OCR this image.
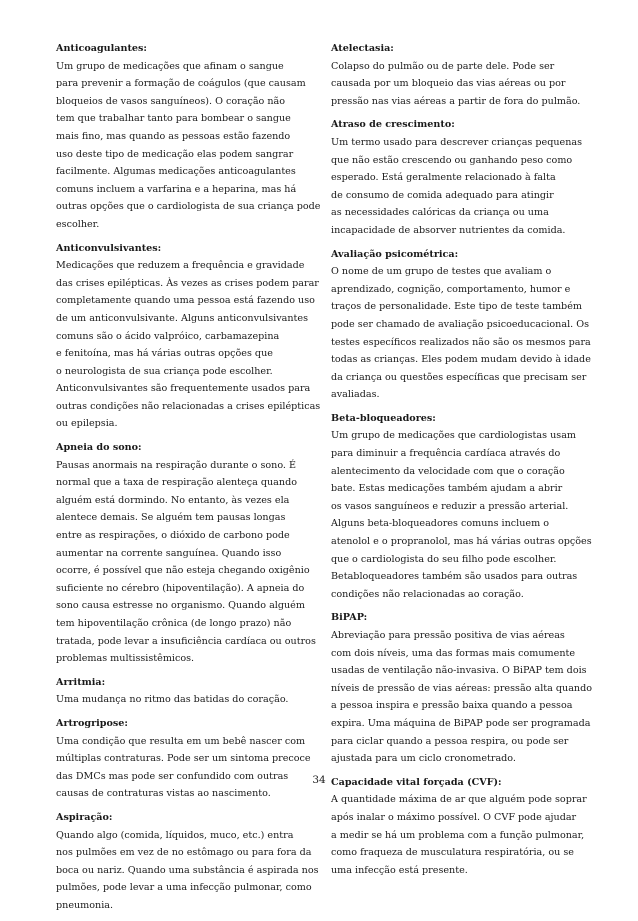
Anticoagulantes:
Um grupo de medicações que afinam o sangue
para prevenir a formação de coágulos (que causam
bloqueios de vasos sanguíneos). O coração não
tem que trabalhar tanto para bombear o sangue
mais fino, mas quando as pessoas estão fazendo
uso deste tipo de medicação elas podem sangrar
facilmente. Algumas medicações anticoagulantes
comuns incluem a varfarina e a heparina, mas há
outras opções que o cardiologista de sua criança pode
escolher.
Anticonvulsivantes:
Medicações que reduzem a frequência e gravidade
das crises epilépticas. Às vezes as crises podem parar
completamente quando uma pessoa está fazendo uso
de um anticonvulsivante. Alguns anticonvulsivantes
comuns são o ácido valpróico, carbamazepina
e fenitoína, mas há várias outras opções que
o neurologista de sua criança pode escolher.
Anticonvulsivantes são frequentemente usados para
outras condições não relacionadas a crises epilépticas
ou epilepsia.
Apneia do sono:
Pausas anormais na respiração durante o sono. É
normal que a taxa de respiração alenteça quando
alguém está dormindo. No entanto, às vezes ela
alentece demais. Se alguém tem pausas longas
entre as respirações, o dióxido de carbono pode
aumentar na corrente sanguínea. Quando isso
ocorre, é possível que não esteja chegando oxigênio
suficiente no cérebro (hipoventilação). A apneia do
sono causa estresse no organismo. Quando alguém
tem hipoventilação crônica (de longo prazo) não
tratada, pode levar a insuficiência cardíaca ou outros
problemas multissistêmicos.
Arritmia:
Uma mudança no ritmo das batidas do coração.
Artrogripose:
Uma condição que resulta em um bebê nascer com
múltiplas contraturas. Pode ser um sintoma precoce
das DMCs mas pode ser confundido com outras
causas de contraturas vistas ao nascimento.
Aspiração:
Quando algo (comida, líquidos, muco, etc.) entra
nos pulmões em vez de no estômago ou para fora da
boca ou nariz. Quando uma substância é aspirada nos
pulmões, pode levar a uma infecção pulmonar, como
pneumonia.
Atelectasia:
Colapso do pulmão ou de parte dele. Pode ser
causada por um bloqueio das vias aéreas ou por
pressão nas vias aéreas a partir de fora do pulmão.
Atraso de crescimento:
Um termo usado para descrever crianças pequenas
que não estão crescendo ou ganhando peso como
esperado. Está geralmente relacionado à falta
de consumo de comida adequado para atingir
as necessidades calóricas da criança ou uma
incapacidade de absorver nutrientes da comida.
Avaliação psicométrica:
O nome de um grupo de testes que avaliam o
aprendizado, cognição, comportamento, humor e
traços de personalidade. Este tipo de teste também
pode ser chamado de avaliação psicoeducacional. Os
testes específicos realizados não são os mesmos para
todas as crianças. Eles podem mudam devido à idade
da criança ou questões específicas que precisam ser
avaliadas.
Beta-bloqueadores:
Um grupo de medicações que cardiologistas usam
para diminuir a frequência cardíaca através do
alentecimento da velocidade com que o coração
bate. Estas medicações também ajudam a abrir
os vasos sanguíneos e reduzir a pressão arterial.
Alguns beta-bloqueadores comuns incluem o
atenolol e o propranolol, mas há várias outras opções
que o cardiologista do seu filho pode escolher.
Betabloqueadores também são usados para outras
condições não relacionadas ao coração.
BiPAP:
Abreviação para pressão positiva de vias aéreas
com dois níveis, uma das formas mais comumente
usadas de ventilação não-invasiva. O BiPAP tem dois
níveis de pressão de vias aéreas: pressão alta quando
a pessoa inspira e pressão baixa quando a pessoa
expira. Uma máquina de BiPAP pode ser programada
para ciclar quando a pessoa respira, ou pode ser
ajustada para um ciclo cronometrado.
Capacidade vital forçada (CVF):
A quantidade máxima de ar que alguém pode soprar
após inalar o máximo possível. O CVF pode ajudar
a medir se há um problema com a função pulmonar,
como fraqueza de musculatura respiratória, ou se
uma infecção está presente.
34
